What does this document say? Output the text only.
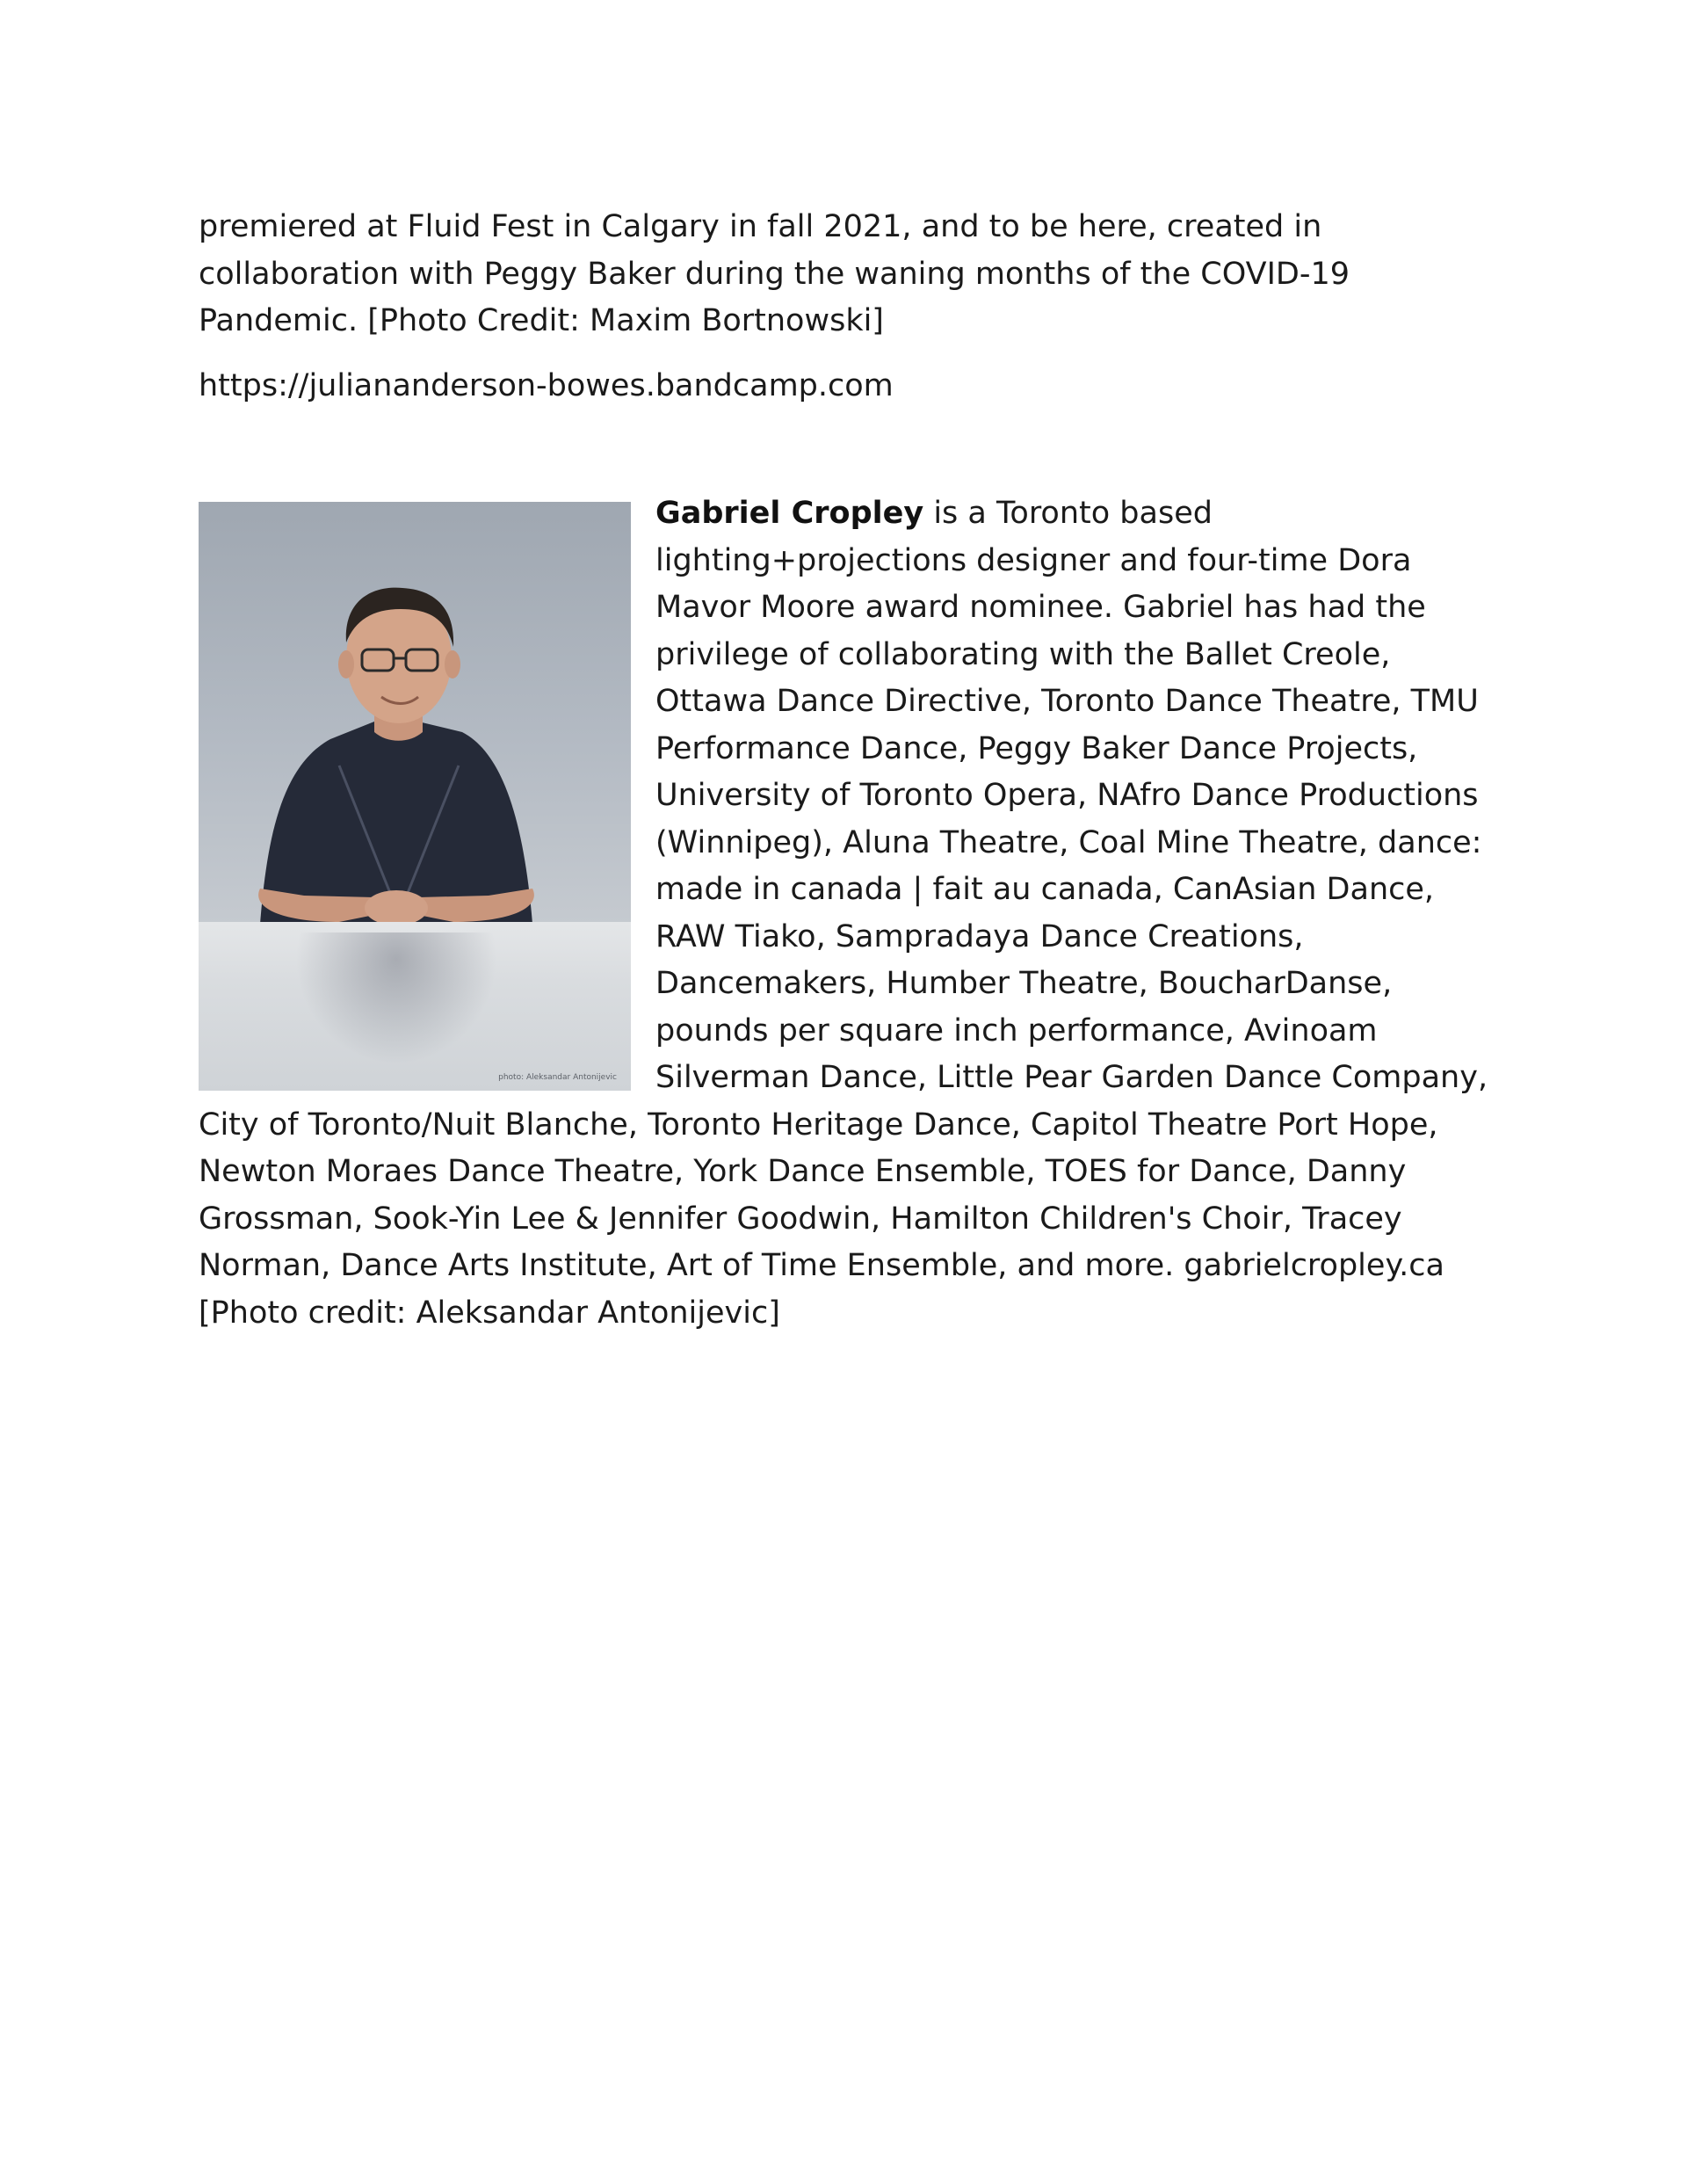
premiered at Fluid Fest in Calgary in fall 2021, and to be here, created in collaboration with Peggy Baker during the waning months of the COVID-19 Pandemic. [Photo Credit: Maxim Bortnowski]

https://juliananderson-bowes.bandcamp.com

photo: Aleksandar Antonijevic

Gabriel Cropley is a Toronto based lighting+projections designer and four-time Dora Mavor Moore award nominee. Gabriel has had the privilege of collaborating with the Ballet Creole, Ottawa Dance Directive, Toronto Dance Theatre, TMU Performance Dance, Peggy Baker Dance Projects, University of Toronto Opera, NAfro Dance Productions (Winnipeg), Aluna Theatre, Coal Mine Theatre, dance: made in canada | fait au canada, CanAsian Dance, RAW Tiako, Sampradaya Dance Creations, Dancemakers, Humber Theatre, BoucharDanse, pounds per square inch performance, Avinoam Silverman Dance, Little Pear Garden Dance Company, City of Toronto/Nuit Blanche, Toronto Heritage Dance, Capitol Theatre Port Hope, Newton Moraes Dance Theatre, York Dance Ensemble, TOES for Dance, Danny Grossman, Sook-Yin Lee & Jennifer Goodwin, Hamilton Children's Choir, Tracey Norman, Dance Arts Institute, Art of Time Ensemble, and more. gabrielcropley.ca [Photo credit: Aleksandar Antonijevic]
